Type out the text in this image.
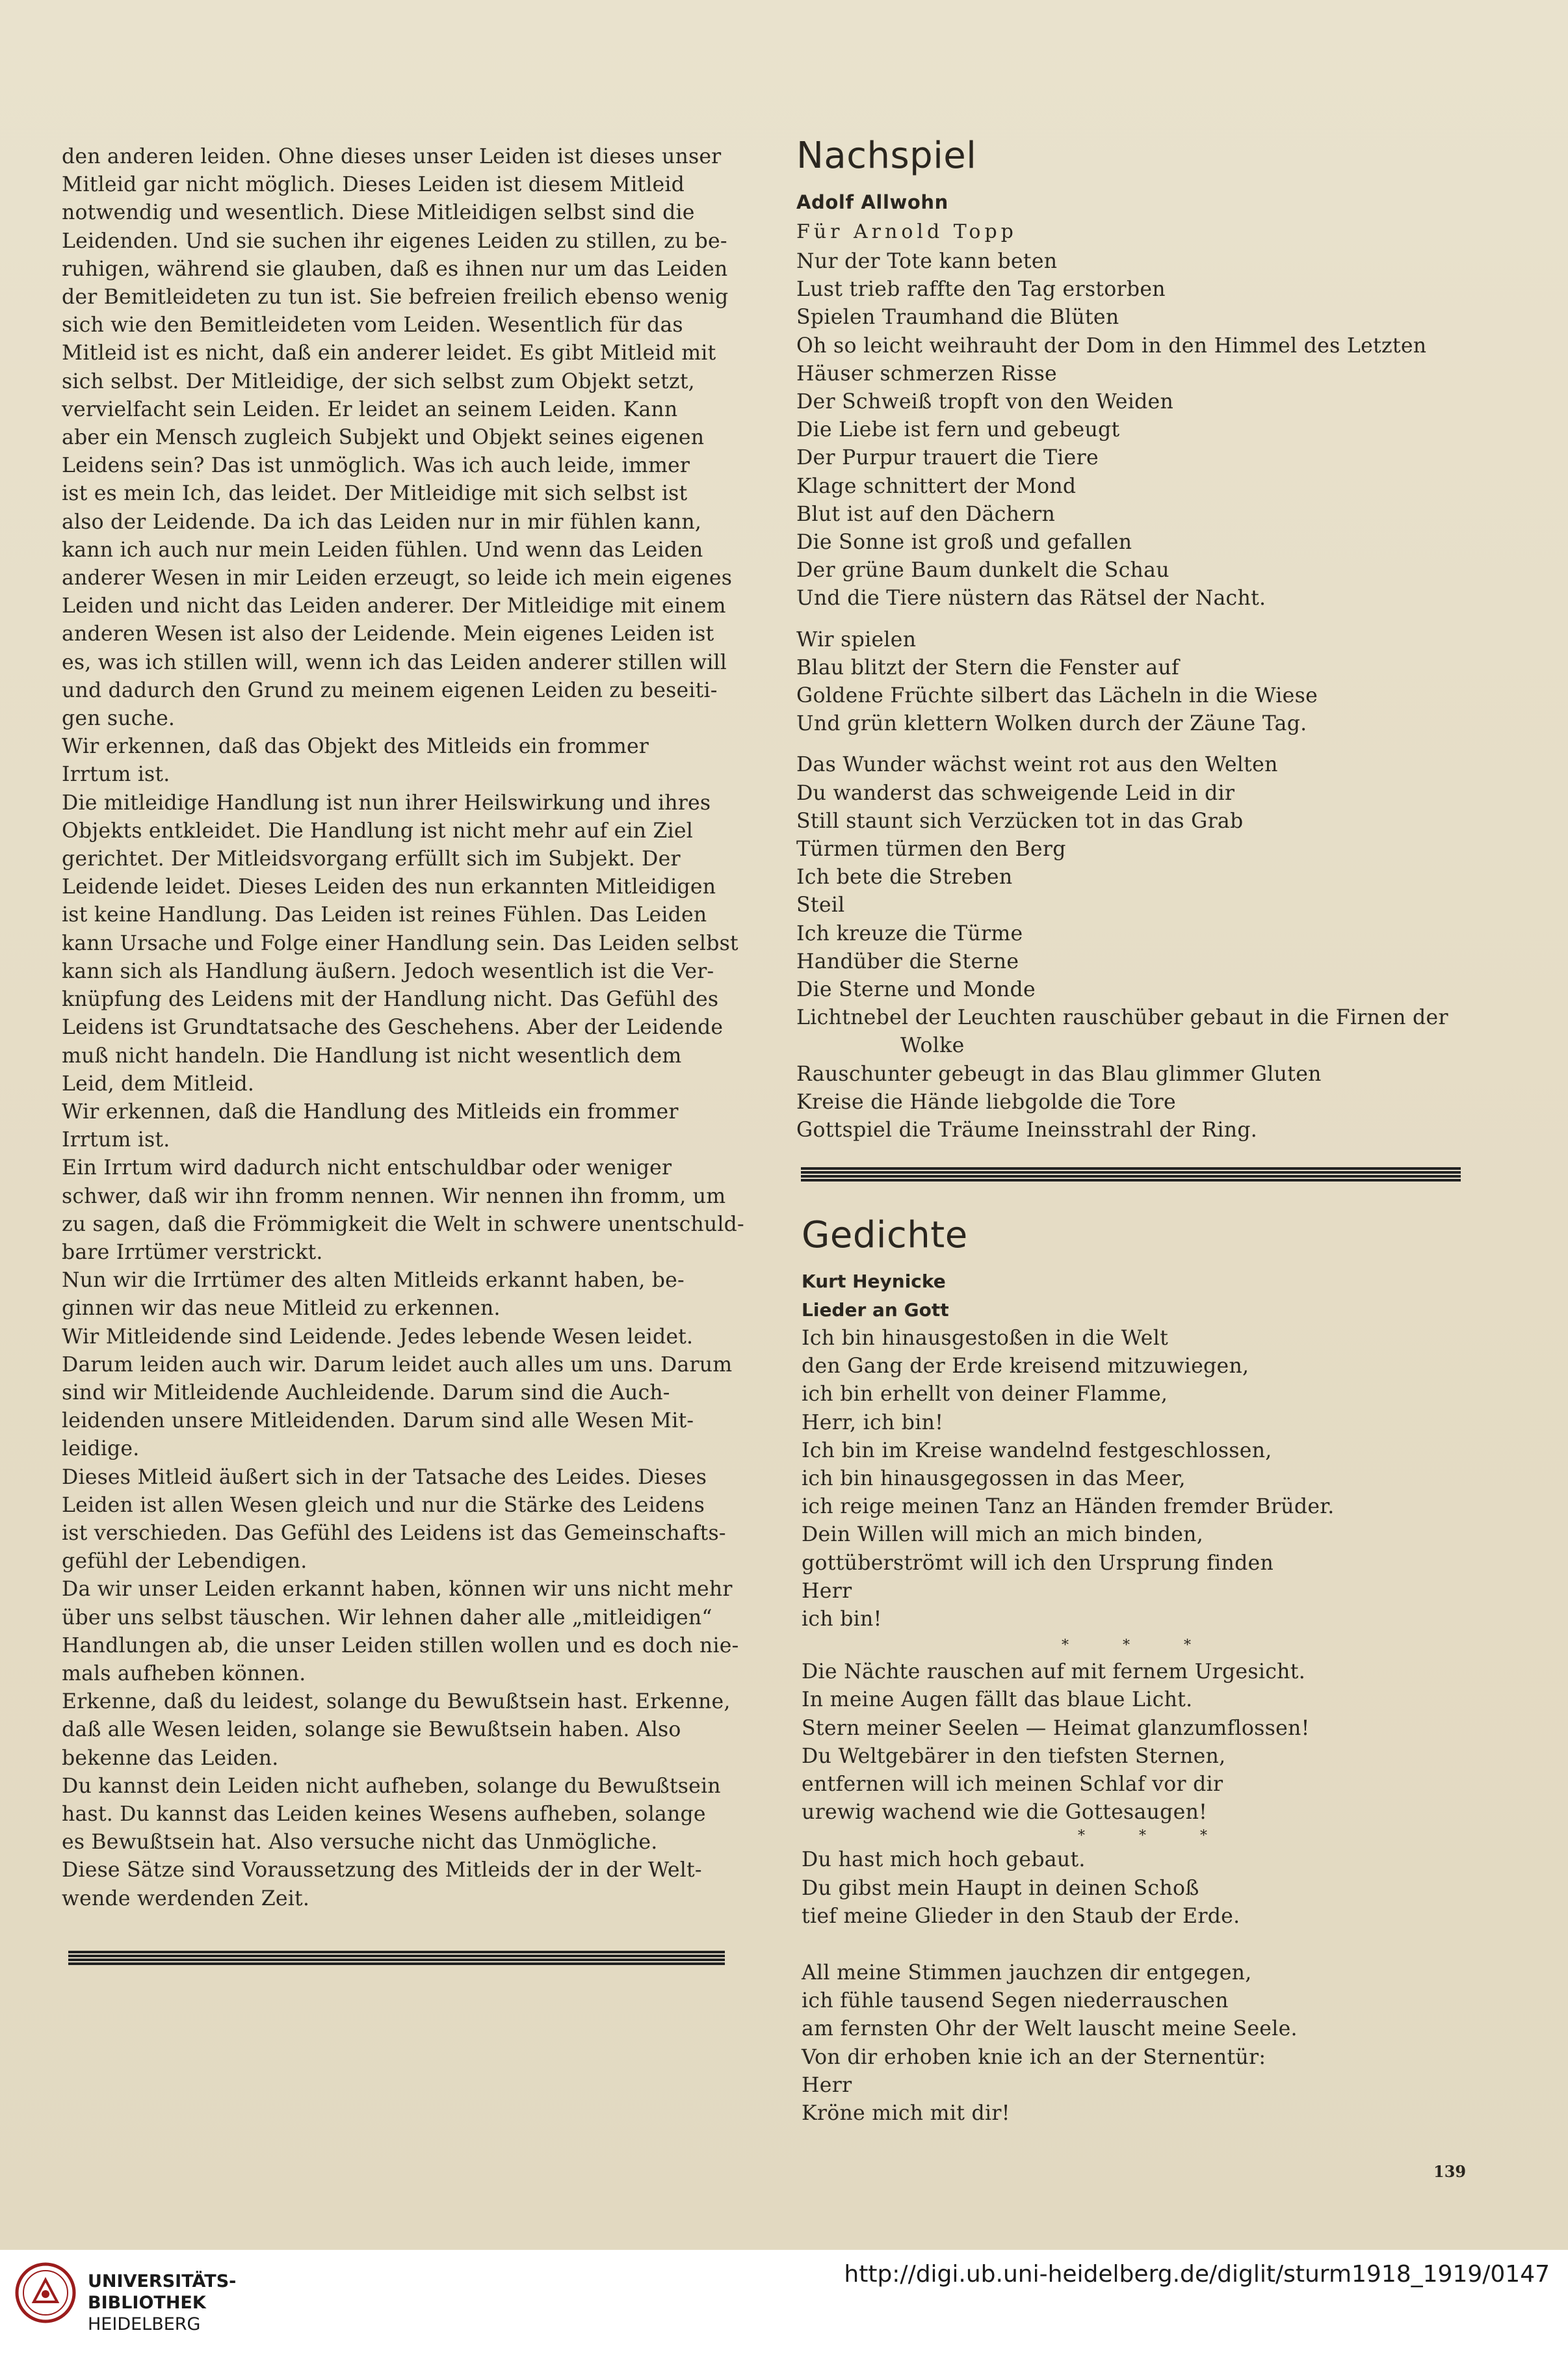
den anderen leiden. Ohne dieses unser Leiden ist dieses unser
Mitleid gar nicht möglich. Dieses Leiden ist diesem Mitleid
notwendig und wesentlich. Diese Mitleidigen selbst sind die
Leidenden. Und sie suchen ihr eigenes Leiden zu stillen, zu be-
ruhigen, während sie glauben, daß es ihnen nur um das Leiden
der Bemitleideten zu tun ist. Sie befreien freilich ebenso wenig
sich wie den Bemitleideten vom Leiden. Wesentlich für das
Mitleid ist es nicht, daß ein anderer leidet. Es gibt Mitleid mit
sich selbst. Der Mitleidige, der sich selbst zum Objekt setzt,
vervielfacht sein Leiden. Er leidet an seinem Leiden. Kann
aber ein Mensch zugleich Subjekt und Objekt seines eigenen
Leidens sein? Das ist unmöglich. Was ich auch leide, immer
ist es mein Ich, das leidet. Der Mitleidige mit sich selbst ist
also der Leidende. Da ich das Leiden nur in mir fühlen kann,
kann ich auch nur mein Leiden fühlen. Und wenn das Leiden
anderer Wesen in mir Leiden erzeugt, so leide ich mein eigenes
Leiden und nicht das Leiden anderer. Der Mitleidige mit einem
anderen Wesen ist also der Leidende. Mein eigenes Leiden ist
es, was ich stillen will, wenn ich das Leiden anderer stillen will
und dadurch den Grund zu meinem eigenen Leiden zu beseiti-
gen suche.
Wir erkennen, daß das Objekt des Mitleids ein frommer
Irrtum ist.
Die mitleidige Handlung ist nun ihrer Heilswirkung und ihres
Objekts entkleidet. Die Handlung ist nicht mehr auf ein Ziel
gerichtet. Der Mitleidsvorgang erfüllt sich im Subjekt. Der
Leidende leidet. Dieses Leiden des nun erkannten Mitleidigen
ist keine Handlung. Das Leiden ist reines Fühlen. Das Leiden
kann Ursache und Folge einer Handlung sein. Das Leiden selbst
kann sich als Handlung äußern. Jedoch wesentlich ist die Ver-
knüpfung des Leidens mit der Handlung nicht. Das Gefühl des
Leidens ist Grundtatsache des Geschehens. Aber der Leidende
muß nicht handeln. Die Handlung ist nicht wesentlich dem
Leid, dem Mitleid.
Wir erkennen, daß die Handlung des Mitleids ein frommer
Irrtum ist.
Ein Irrtum wird dadurch nicht entschuldbar oder weniger
schwer, daß wir ihn fromm nennen. Wir nennen ihn fromm, um
zu sagen, daß die Frömmigkeit die Welt in schwere unentschuld-
bare Irrtümer verstrickt.
Nun wir die Irrtümer des alten Mitleids erkannt haben, be-
ginnen wir das neue Mitleid zu erkennen.
Wir Mitleidende sind Leidende. Jedes lebende Wesen leidet.
Darum leiden auch wir. Darum leidet auch alles um uns. Darum
sind wir Mitleidende Auchleidende. Darum sind die Auch-
leidenden unsere Mitleidenden. Darum sind alle Wesen Mit-
leidige.
Dieses Mitleid äußert sich in der Tatsache des Leides. Dieses
Leiden ist allen Wesen gleich und nur die Stärke des Leidens
ist verschieden. Das Gefühl des Leidens ist das Gemeinschafts-
gefühl der Lebendigen.
Da wir unser Leiden erkannt haben, können wir uns nicht mehr
über uns selbst täuschen. Wir lehnen daher alle „mitleidigen“
Handlungen ab, die unser Leiden stillen wollen und es doch nie-
mals aufheben können.
Erkenne, daß du leidest, solange du Bewußtsein hast. Erkenne,
daß alle Wesen leiden, solange sie Bewußtsein haben. Also
bekenne das Leiden.
Du kannst dein Leiden nicht aufheben, solange du Bewußtsein
hast. Du kannst das Leiden keines Wesens aufheben, solange
es Bewußtsein hat. Also versuche nicht das Unmögliche.
Diese Sätze sind Voraussetzung des Mitleids der in der Welt-
wende werdenden Zeit.
Nachspiel
Adolf Allwohn
Für Arnold Topp
Nur der Tote kann beten
Lust trieb raffte den Tag erstorben
Spielen Traumhand die Blüten
Oh so leicht weihrauht der Dom in den Himmel des Letzten
Häuser schmerzen Risse
Der Schweiß tropft von den Weiden
Die Liebe ist fern und gebeugt
Der Purpur trauert die Tiere
Klage schnittert der Mond
Blut ist auf den Dächern
Die Sonne ist groß und gefallen
Der grüne Baum dunkelt die Schau
Und die Tiere nüstern das Rätsel der Nacht.
Wir spielen
Blau blitzt der Stern die Fenster auf
Goldene Früchte silbert das Lächeln in die Wiese
Und grün klettern Wolken durch der Zäune Tag.
Das Wunder wächst weint rot aus den Welten
Du wanderst das schweigende Leid in dir
Still staunt sich Verzücken tot in das Grab
Türmen türmen den Berg
Ich bete die Streben
Steil
Ich kreuze die Türme
Handüber die Sterne
Die Sterne und Monde
Lichtnebel der Leuchten rauschüber gebaut in die Firnen der
Wolke
Rauschunter gebeugt in das Blau glimmer Gluten
Kreise die Hände liebgolde die Tore
Gottspiel die Träume Ineinsstrahl der Ring.
Gedichte
Kurt Heynicke
Lieder an Gott
Ich bin hinausgestoßen in die Welt
den Gang der Erde kreisend mitzuwiegen,
ich bin erhellt von deiner Flamme,
Herr, ich bin!
Ich bin im Kreise wandelnd festgeschlossen,
ich bin hinausgegossen in das Meer,
ich reige meinen Tanz an Händen fremder Brüder.
Dein Willen will mich an mich binden,
gottüberströmt will ich den Ursprung finden
Herr
ich bin!
* * *
Die Nächte rauschen auf mit fernem Urgesicht.
In meine Augen fällt das blaue Licht.
Stern meiner Seelen — Heimat glanzumflossen!
Du Weltgebärer in den tiefsten Sternen,
entfernen will ich meinen Schlaf vor dir
urewig wachend wie die Gottesaugen!
* * *
Du hast mich hoch gebaut.
Du gibst mein Haupt in deinen Schoß
tief meine Glieder in den Staub der Erde.
All meine Stimmen jauchzen dir entgegen,
ich fühle tausend Segen niederrauschen
am fernsten Ohr der Welt lauscht meine Seele.
Von dir erhoben knie ich an der Sternentür:
Herr
Kröne mich mit dir!
139
UNIVERSITÄTS-
BIBLIOTHEK
HEIDELBERG
http://digi.ub.uni-heidelberg.de/diglit/sturm1918_1919/0147
